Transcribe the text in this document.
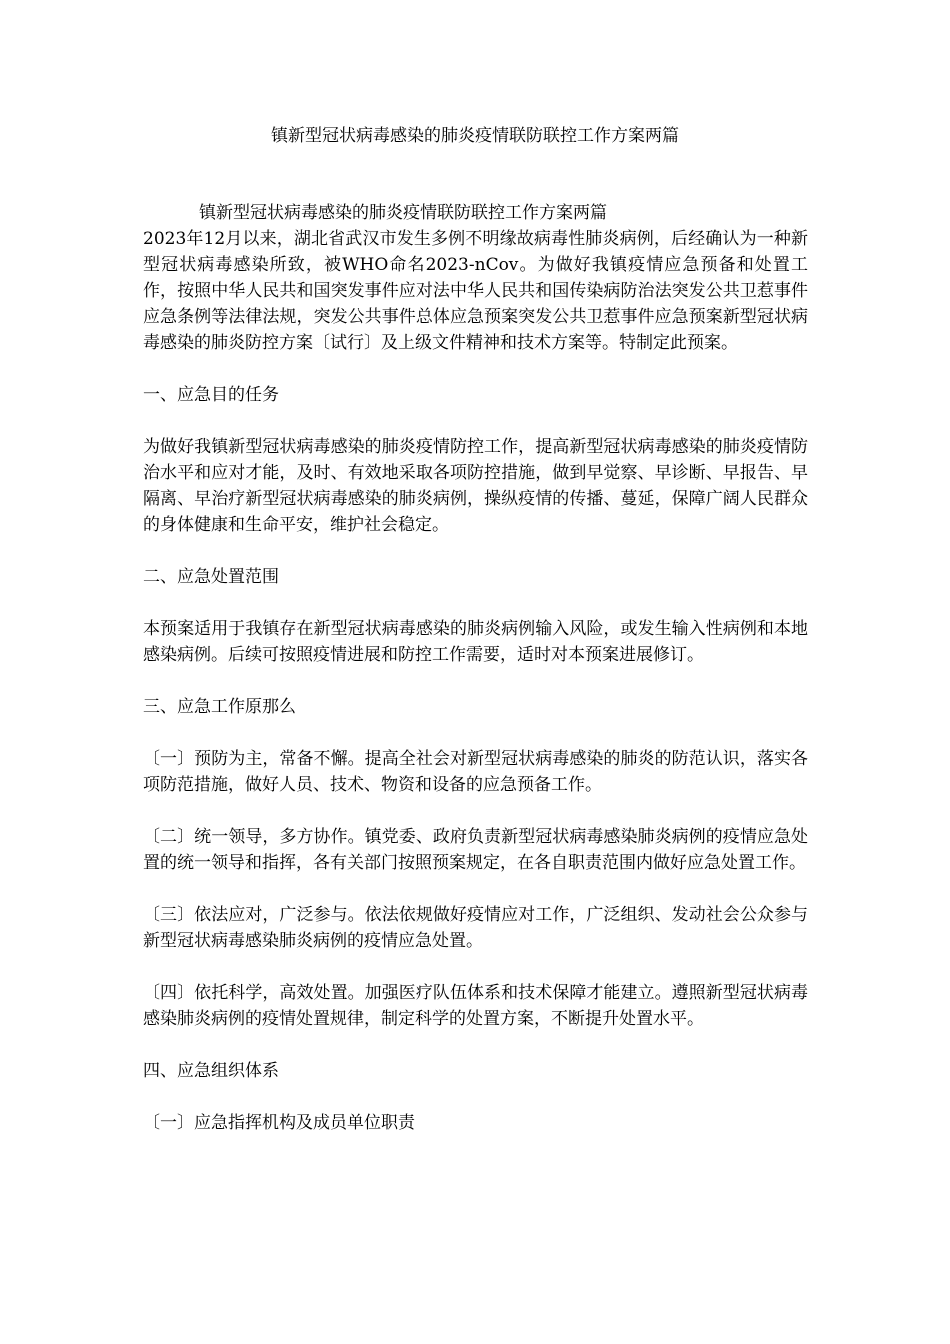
镇新型冠状病毒感染的肺炎疫情联防联控工作方案两篇

镇新型冠状病毒感染的肺炎疫情联防联控工作方案两篇

2023年12月以来，湖北省武汉市发生多例不明缘故病毒性肺炎病例，后经确认为一种新型冠状病毒感染所致，被WHO命名2023-nCov。为做好我镇疫情应急预备和处置工作，按照中华人民共和国突发事件应对法中华人民共和国传染病防治法突发公共卫惹事件应急条例等法律法规，突发公共事件总体应急预案突发公共卫惹事件应急预案新型冠状病毒感染的肺炎防控方案〔试行〕及上级文件精神和技术方案等。特制定此预案。

一、应急目的任务

为做好我镇新型冠状病毒感染的肺炎疫情防控工作，提高新型冠状病毒感染的肺炎疫情防治水平和应对才能，及时、有效地采取各项防控措施，做到早觉察、早诊断、早报告、早隔离、早治疗新型冠状病毒感染的肺炎病例，操纵疫情的传播、蔓延，保障广阔人民群众的身体健康和生命平安，维护社会稳定。

二、应急处置范围

本预案适用于我镇存在新型冠状病毒感染的肺炎病例输入风险，或发生输入性病例和本地感染病例。后续可按照疫情进展和防控工作需要，适时对本预案进展修订。

三、应急工作原那么

〔一〕预防为主，常备不懈。提高全社会对新型冠状病毒感染的肺炎的防范认识，落实各项防范措施，做好人员、技术、物资和设备的应急预备工作。

〔二〕统一领导，多方协作。镇党委、政府负责新型冠状病毒感染肺炎病例的疫情应急处置的统一领导和指挥，各有关部门按照预案规定，在各自职责范围内做好应急处置工作。

〔三〕依法应对，广泛参与。依法依规做好疫情应对工作，广泛组织、发动社会公众参与新型冠状病毒感染肺炎病例的疫情应急处置。

〔四〕依托科学，高效处置。加强医疗队伍体系和技术保障才能建立。遵照新型冠状病毒感染肺炎病例的疫情处置规律，制定科学的处置方案，不断提升处置水平。

四、应急组织体系

〔一〕应急指挥机构及成员单位职责
